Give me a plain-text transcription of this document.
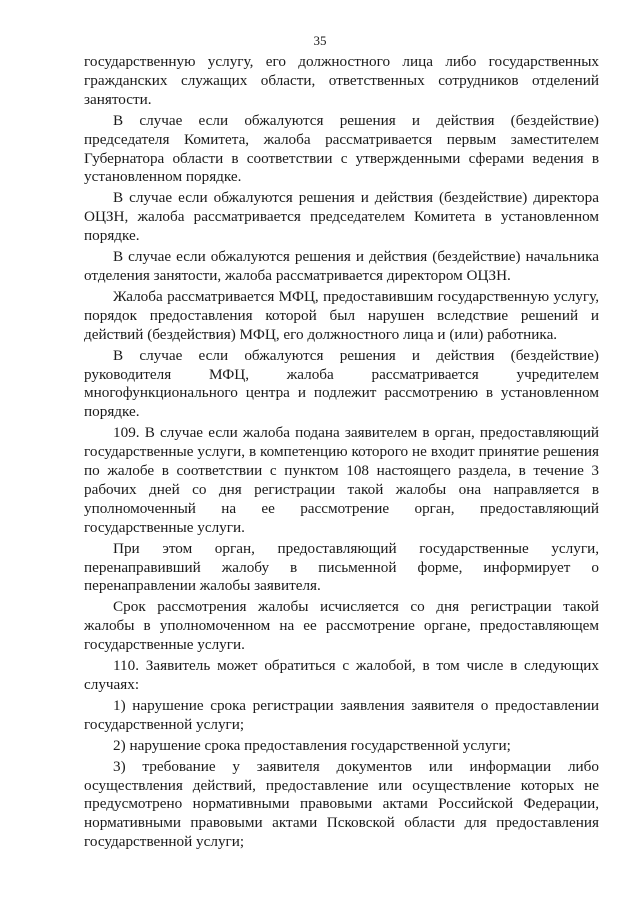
35

государственную услугу, его должностного лица либо государственных гражданских служащих области, ответственных сотрудников отделений занятости.

В случае если обжалуются решения и действия (бездействие) председателя Комитета, жалоба рассматривается первым заместителем Губернатора области в соответствии с утвержденными сферами ведения в установленном порядке.

В случае если обжалуются решения и действия (бездействие) директора ОЦЗН, жалоба рассматривается председателем Комитета в установленном порядке.

В случае если обжалуются решения и действия (бездействие) начальника отделения занятости, жалоба рассматривается директором ОЦЗН.

Жалоба рассматривается МФЦ, предоставившим государственную услугу, порядок предоставления которой был нарушен вследствие решений и действий (бездействия) МФЦ, его должностного лица и (или) работника.

В случае если обжалуются решения и действия (бездействие) руководителя МФЦ, жалоба рассматривается учредителем многофункционального центра и подлежит рассмотрению в установленном порядке.

109. В случае если жалоба подана заявителем в орган, предоставляющий государственные услуги, в компетенцию которого не входит принятие решения по жалобе в соответствии с пунктом 108 настоящего раздела, в течение 3 рабочих дней со дня регистрации такой жалобы она направляется в уполномоченный на ее рассмотрение орган, предоставляющий государственные услуги.

При этом орган, предоставляющий государственные услуги, перенаправивший жалобу в письменной форме, информирует о перенаправлении жалобы заявителя.

Срок рассмотрения жалобы исчисляется со дня регистрации такой жалобы в уполномоченном на ее рассмотрение органе, предоставляющем государственные услуги.

110. Заявитель может обратиться с жалобой, в том числе в следующих случаях:

1) нарушение срока регистрации заявления заявителя о предоставлении государственной услуги;

2) нарушение срока предоставления государственной услуги;

3) требование у заявителя документов или информации либо осуществления действий, предоставление или осуществление которых не предусмотрено нормативными правовыми актами Российской Федерации, нормативными правовыми актами Псковской области для предоставления государственной услуги;
